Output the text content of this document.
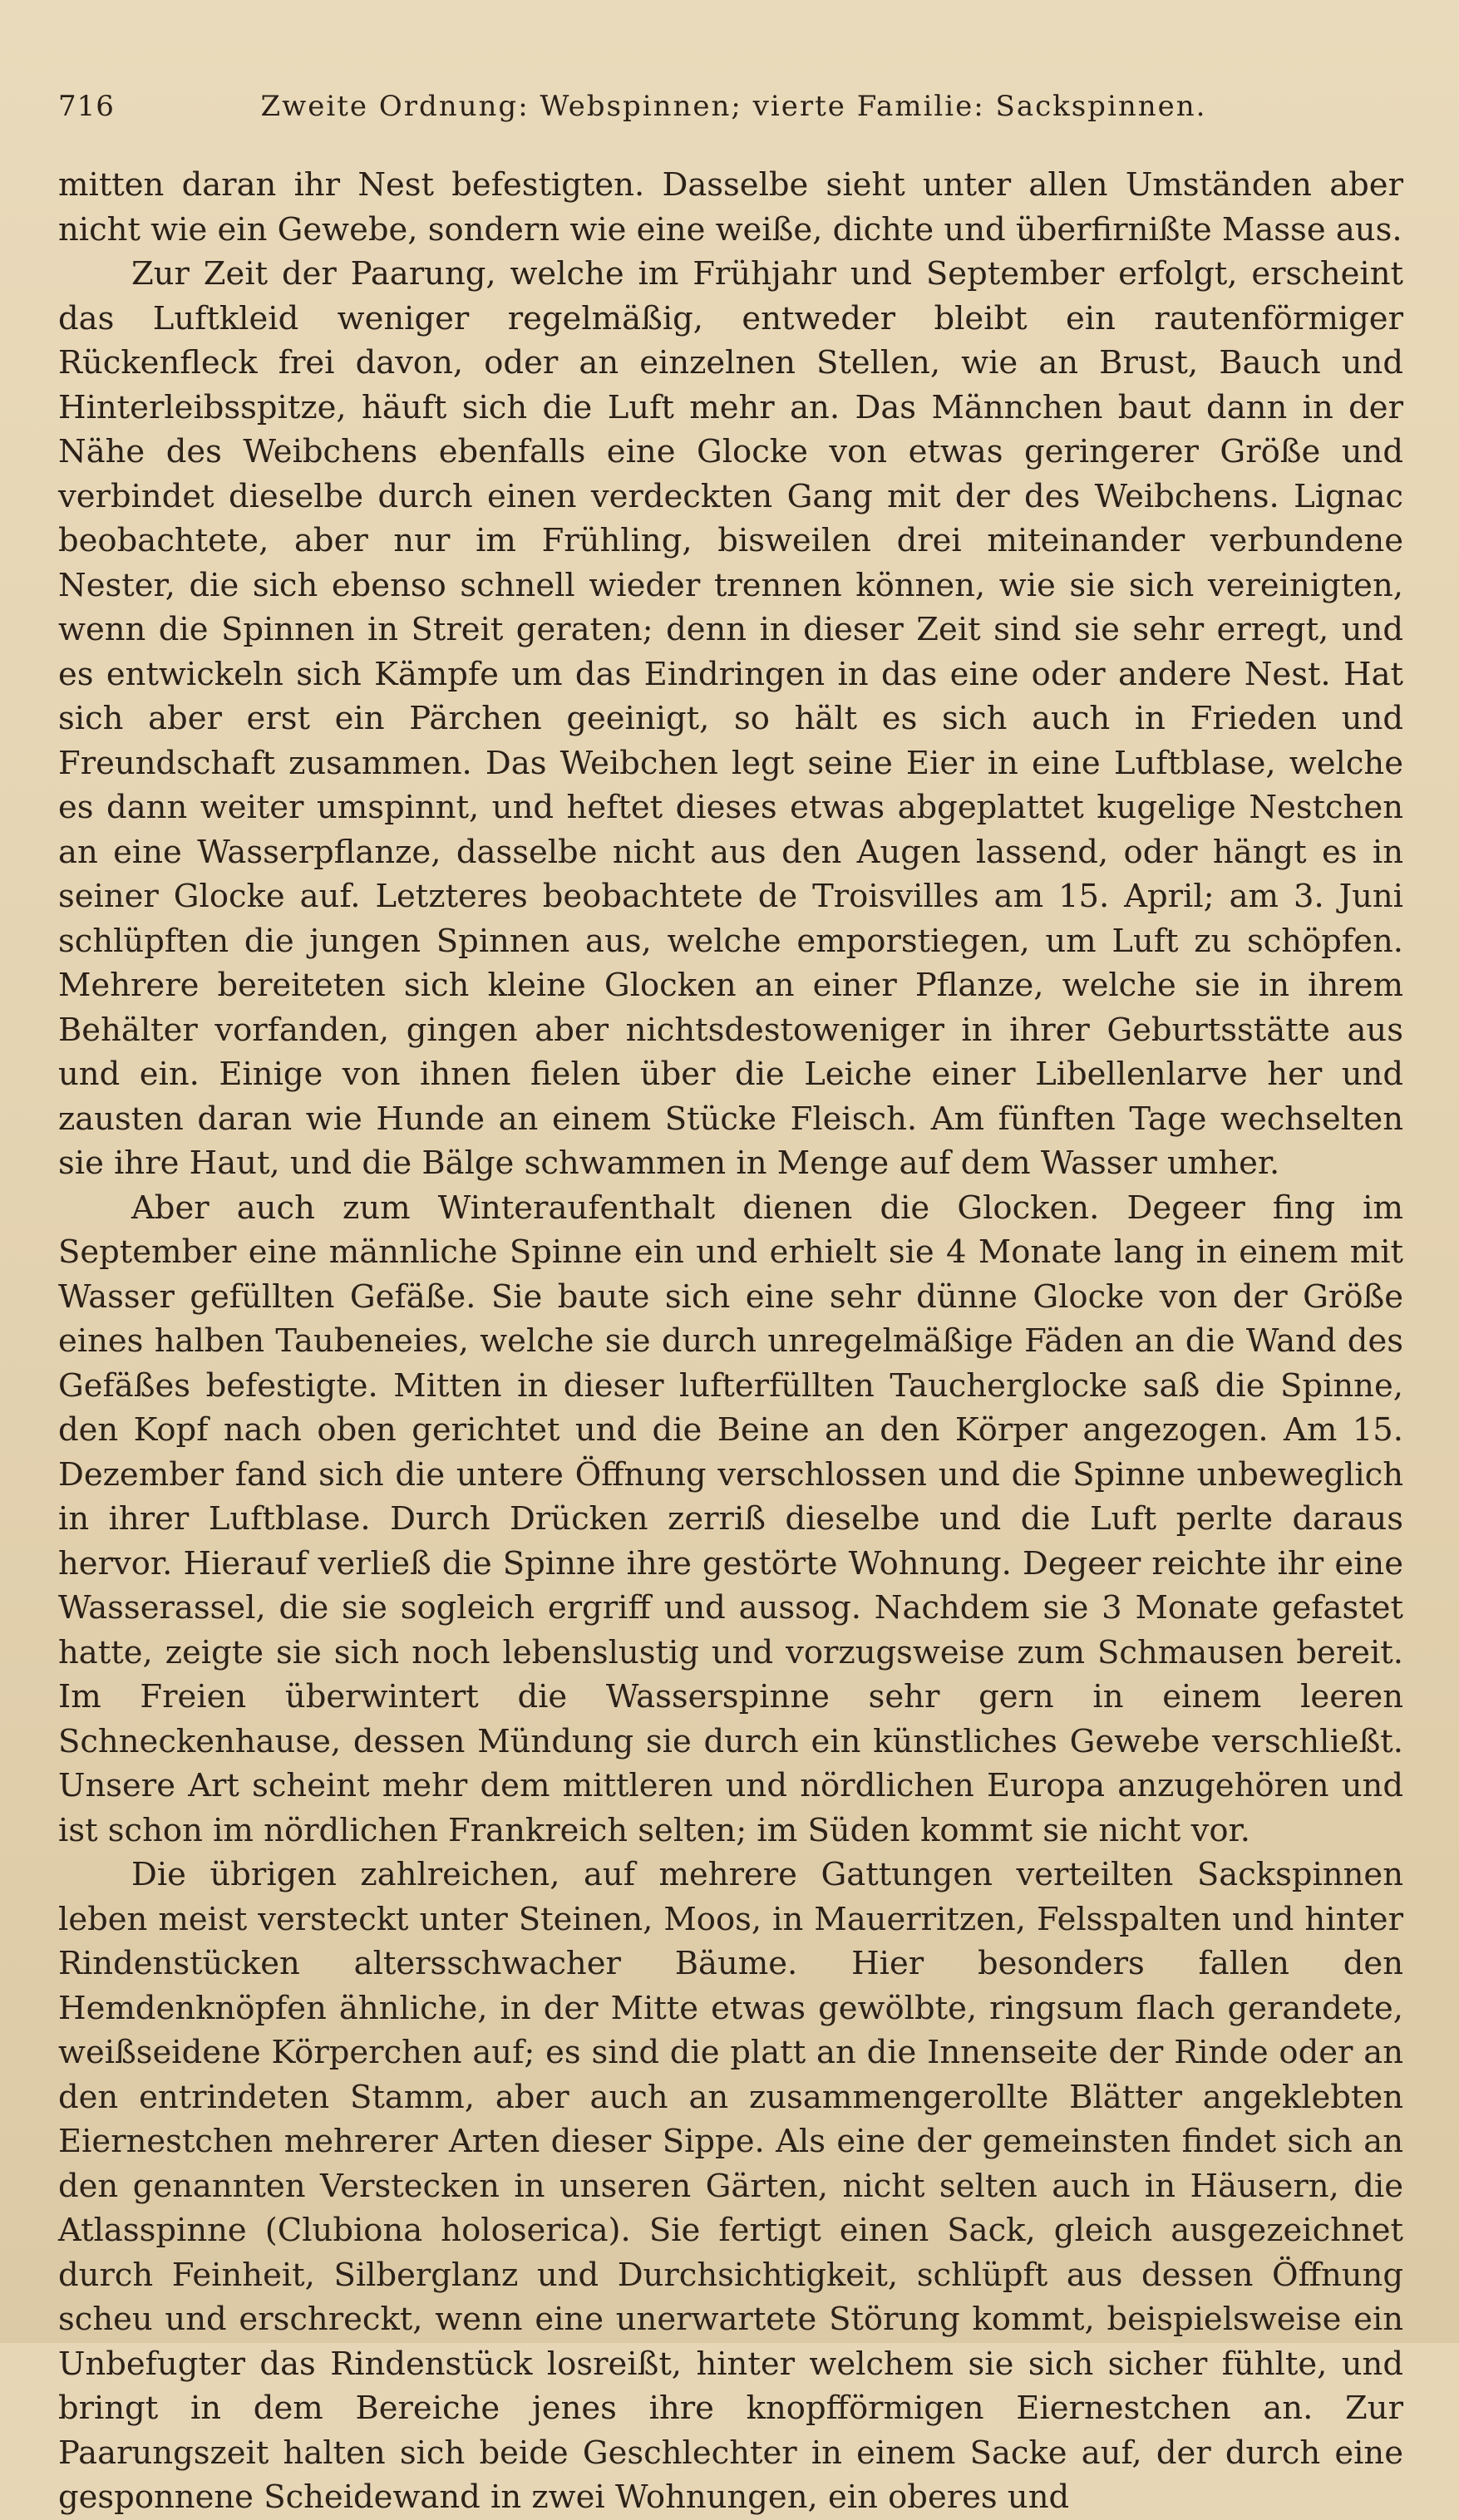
716	Zweite Ordnung: Webspinnen; vierte Familie: Sackspinnen.

mitten daran ihr Nest befestigten. Dasselbe sieht unter allen Umständen aber nicht wie ein Gewebe, sondern wie eine weiße, dichte und überfirnißte Masse aus.

Zur Zeit der Paarung, welche im Frühjahr und September erfolgt, erscheint das Luftkleid weniger regelmäßig, entweder bleibt ein rautenförmiger Rückenfleck frei davon, oder an einzelnen Stellen, wie an Brust, Bauch und Hinterleibsspitze, häuft sich die Luft mehr an. Das Männchen baut dann in der Nähe des Weibchens ebenfalls eine Glocke von etwas geringerer Größe und verbindet dieselbe durch einen verdeckten Gang mit der des Weibchens. Lignac beobachtete, aber nur im Frühling, bisweilen drei miteinander verbundene Nester, die sich ebenso schnell wieder trennen können, wie sie sich vereinigten, wenn die Spinnen in Streit geraten; denn in dieser Zeit sind sie sehr erregt, und es entwickeln sich Kämpfe um das Eindringen in das eine oder andere Nest. Hat sich aber erst ein Pärchen geeinigt, so hält es sich auch in Frieden und Freundschaft zusammen. Das Weibchen legt seine Eier in eine Luftblase, welche es dann weiter umspinnt, und heftet dieses etwas abgeplattet kugelige Nestchen an eine Wasserpflanze, dasselbe nicht aus den Augen lassend, oder hängt es in seiner Glocke auf. Letzteres beobachtete de Troisvilles am 15. April; am 3. Juni schlüpften die jungen Spinnen aus, welche emporstiegen, um Luft zu schöpfen. Mehrere bereiteten sich kleine Glocken an einer Pflanze, welche sie in ihrem Behälter vorfanden, gingen aber nichtsdestoweniger in ihrer Geburtsstätte aus und ein. Einige von ihnen fielen über die Leiche einer Libellenlarve her und zausten daran wie Hunde an einem Stücke Fleisch. Am fünften Tage wechselten sie ihre Haut, und die Bälge schwammen in Menge auf dem Wasser umher.

Aber auch zum Winteraufenthalt dienen die Glocken. Degeer fing im September eine männliche Spinne ein und erhielt sie 4 Monate lang in einem mit Wasser gefüllten Gefäße. Sie baute sich eine sehr dünne Glocke von der Größe eines halben Taubeneies, welche sie durch unregelmäßige Fäden an die Wand des Gefäßes befestigte. Mitten in dieser lufterfüllten Taucherglocke saß die Spinne, den Kopf nach oben gerichtet und die Beine an den Körper angezogen. Am 15. Dezember fand sich die untere Öffnung verschlossen und die Spinne unbeweglich in ihrer Luftblase. Durch Drücken zerriß dieselbe und die Luft perlte daraus hervor. Hierauf verließ die Spinne ihre gestörte Wohnung. Degeer reichte ihr eine Wasserassel, die sie sogleich ergriff und aussog. Nachdem sie 3 Monate gefastet hatte, zeigte sie sich noch lebenslustig und vorzugsweise zum Schmausen bereit. Im Freien überwintert die Wasserspinne sehr gern in einem leeren Schneckenhause, dessen Mündung sie durch ein künstliches Gewebe verschließt. Unsere Art scheint mehr dem mittleren und nördlichen Europa anzugehören und ist schon im nördlichen Frankreich selten; im Süden kommt sie nicht vor.

Die übrigen zahlreichen, auf mehrere Gattungen verteilten Sackspinnen leben meist versteckt unter Steinen, Moos, in Mauerritzen, Felsspalten und hinter Rindenstücken altersschwacher Bäume. Hier besonders fallen den Hemdenknöpfen ähnliche, in der Mitte etwas gewölbte, ringsum flach gerandete, weißseidene Körperchen auf; es sind die platt an die Innenseite der Rinde oder an den entrindeten Stamm, aber auch an zusammengerollte Blätter angeklebten Eiernestchen mehrerer Arten dieser Sippe. Als eine der gemeinsten findet sich an den genannten Verstecken in unseren Gärten, nicht selten auch in Häusern, die Atlasspinne (Clubiona holoserica). Sie fertigt einen Sack, gleich ausgezeichnet durch Feinheit, Silberglanz und Durchsichtigkeit, schlüpft aus dessen Öffnung scheu und erschreckt, wenn eine unerwartete Störung kommt, beispielsweise ein Unbefugter das Rindenstück losreißt, hinter welchem sie sich sicher fühlte, und bringt in dem Bereiche jenes ihre knopfförmigen Eiernestchen an. Zur Paarungszeit halten sich beide Geschlechter in einem Sacke auf, der durch eine gesponnene Scheidewand in zwei Wohnungen, ein oberes und
